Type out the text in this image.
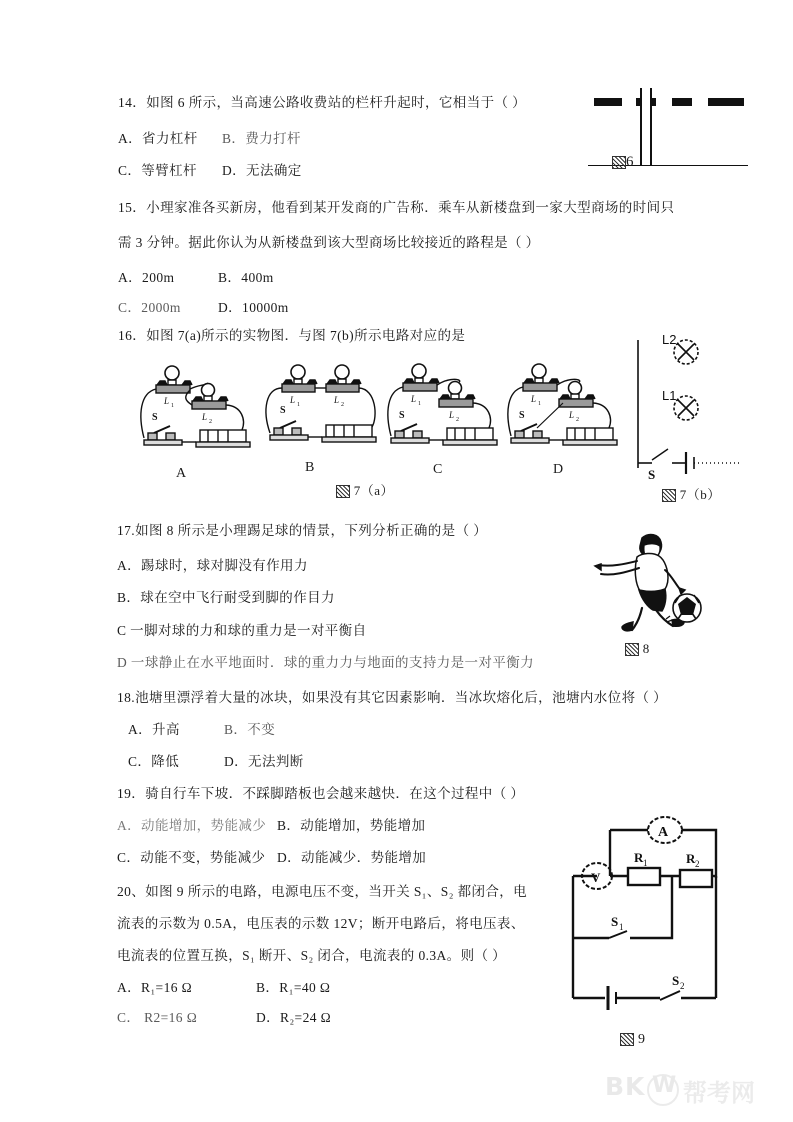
14．如图 6 所示，当高速公路收费站的栏杆升起时，它相当于（ ）
A．省力杠杆 B．费力打杆
C．等臂杠杆 D．无法确定
6
15．小理家准各买新房，他看到某开发商的广告称．乘车从新楼盘到一家大型商场的时间只
需 3 分钟。据此你认为从新楼盘到该大型商场比较接近的路程是（ ）
A．200m	B．400m
C．2000m	D．10000m
16．如图 7(a)所示的实物图．与图 7(b)所示电路对应的是
L 1
L 2
S
A
L 1	L 2
S
B
L 1
L 2
S
C
L 1
L 2
S
D
7（a）
L2
L1
S
7（b）
17.如图 8 所示是小理踢足球的情景，下列分析正确的是（ ）
A．踢球时，球对脚没有作用力
B．球在空中飞行耐受到脚的作目力
C 一脚对球的力和球的重力是一对平衡自
D 一球静止在水平地面时．球的重力力与地面的支持力是一对平衡力
8
18.池塘里漂浮着大量的冰块，如果没有其它因素影响．当冰坎熔化后，池塘内水位将（ ）
A．升高	B．不变
C．降低	D．无法判断
19．骑自行车下坡．不踩脚踏板也会越来越快．在这个过程中（ ）
A．动能增加，势能减少 B．动能增加，势能增加
C．动能不变，势能减少 D．动能减少．势能增加
20、如图 9 所示的电路，电源电压不变，当开关 S₁、S₂ 都闭合，电
流表的示数为 0.5A，电压表的示数 12V；断开电路后，将电压表、
电流表的位置互换，S₁ 断开、S₂ 闭合，电流表的 0.3A。则（ ）
A．R₁=16 Ω	B．R₁=40 Ω
C． R2=16 Ω	D．R₂=24 Ω
A
V
R 1	R 2
S 1
S 2
9
BK W 帮考网
